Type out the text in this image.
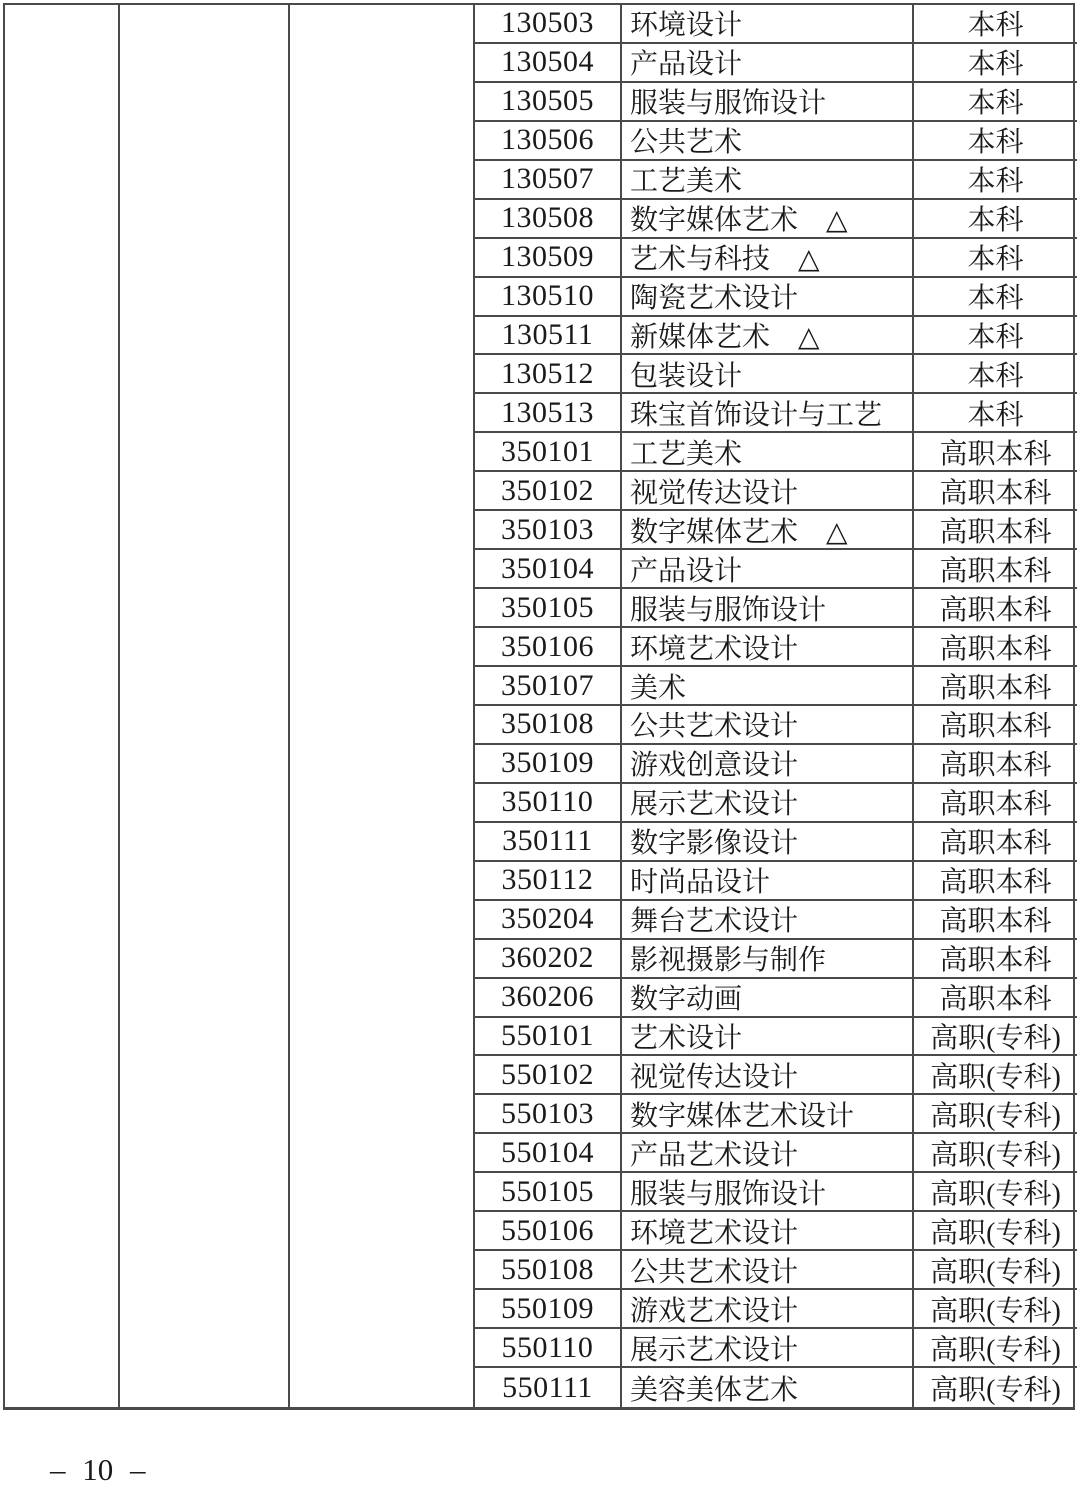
130503	环境设计	本科
130504	产品设计	本科
130505	服装与服饰设计	本科
130506	公共艺术	本科
130507	工艺美术	本科
130508	数字媒体艺术　△	本科
130509	艺术与科技　△	本科
130510	陶瓷艺术设计	本科
130511	新媒体艺术　△	本科
130512	包装设计	本科
130513	珠宝首饰设计与工艺	本科
350101	工艺美术	高职本科
350102	视觉传达设计	高职本科
350103	数字媒体艺术　△	高职本科
350104	产品设计	高职本科
350105	服装与服饰设计	高职本科
350106	环境艺术设计	高职本科
350107	美术	高职本科
350108	公共艺术设计	高职本科
350109	游戏创意设计	高职本科
350110	展示艺术设计	高职本科
350111	数字影像设计	高职本科
350112	时尚品设计	高职本科
350204	舞台艺术设计	高职本科
360202	影视摄影与制作	高职本科
360206	数字动画	高职本科
550101	艺术设计	高职(专科)
550102	视觉传达设计	高职(专科)
550103	数字媒体艺术设计	高职(专科)
550104	产品艺术设计	高职(专科)
550105	服装与服饰设计	高职(专科)
550106	环境艺术设计	高职(专科)
550108	公共艺术设计	高职(专科)
550109	游戏艺术设计	高职(专科)
550110	展示艺术设计	高职(专科)
550111	美容美体艺术	高职(专科)
– 10 –
